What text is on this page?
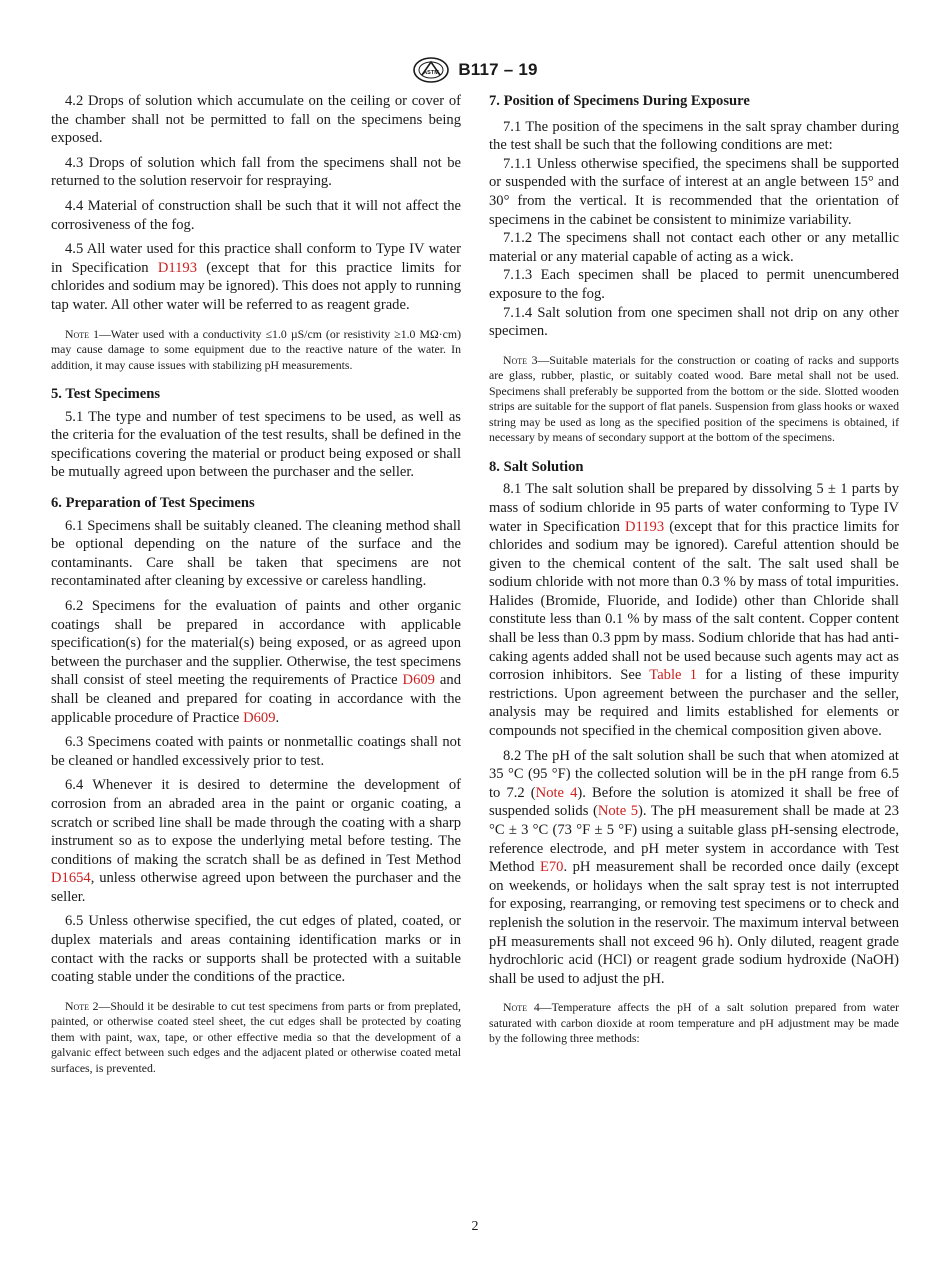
ASTM B117 – 19

4.2 Drops of solution which accumulate on the ceiling or cover of the chamber shall not be permitted to fall on the specimens being exposed.

4.3 Drops of solution which fall from the specimens shall not be returned to the solution reservoir for respraying.

4.4 Material of construction shall be such that it will not affect the corrosiveness of the fog.

4.5 All water used for this practice shall conform to Type IV water in Specification D1193 (except that for this practice limits for chlorides and sodium may be ignored). This does not apply to running tap water. All other water will be referred to as reagent grade.

Note 1—Water used with a conductivity ≤1.0 µS/cm (or resistivity ≥1.0 MΩ·cm) may cause damage to some equipment due to the reactive nature of the water. In addition, it may cause issues with stabilizing pH measurements.
5. Test Specimens

5.1 The type and number of test specimens to be used, as well as the criteria for the evaluation of the test results, shall be defined in the specifications covering the material or product being exposed or shall be mutually agreed upon between the purchaser and the seller.

6. Preparation of Test Specimens

6.1 Specimens shall be suitably cleaned. The cleaning method shall be optional depending on the nature of the surface and the contaminants. Care shall be taken that specimens are not recontaminated after cleaning by excessive or careless handling.

6.2 Specimens for the evaluation of paints and other organic coatings shall be prepared in accordance with applicable specification(s) for the material(s) being exposed, or as agreed upon between the purchaser and the supplier. Otherwise, the test specimens shall consist of steel meeting the requirements of Practice D609 and shall be cleaned and prepared for coating in accordance with the applicable procedure of Practice D609.

6.3 Specimens coated with paints or nonmetallic coatings shall not be cleaned or handled excessively prior to test.

6.4 Whenever it is desired to determine the development of corrosion from an abraded area in the paint or organic coating, a scratch or scribed line shall be made through the coating with a sharp instrument so as to expose the underlying metal before testing. The conditions of making the scratch shall be as defined in Test Method D1654, unless otherwise agreed upon between the purchaser and the seller.

6.5 Unless otherwise specified, the cut edges of plated, coated, or duplex materials and areas containing identification marks or in contact with the racks or supports shall be protected with a suitable coating stable under the conditions of the practice.

Note 2—Should it be desirable to cut test specimens from parts or from preplated, painted, or otherwise coated steel sheet, the cut edges shall be protected by coating them with paint, wax, tape, or other effective media so that the development of a galvanic effect between such edges and the adjacent plated or otherwise coated metal surfaces, is prevented.
7. Position of Specimens During Exposure

7.1 The position of the specimens in the salt spray chamber during the test shall be such that the following conditions are met:

7.1.1 Unless otherwise specified, the specimens shall be supported or suspended with the surface of interest at an angle between 15° and 30° from the vertical. It is recommended that the orientation of specimens in the cabinet be consistent to minimize variability.

7.1.2 The specimens shall not contact each other or any metallic material or any material capable of acting as a wick.

7.1.3 Each specimen shall be placed to permit unencumbered exposure to the fog.

7.1.4 Salt solution from one specimen shall not drip on any other specimen.

Note 3—Suitable materials for the construction or coating of racks and supports are glass, rubber, plastic, or suitably coated wood. Bare metal shall not be used. Specimens shall preferably be supported from the bottom or the side. Slotted wooden strips are suitable for the support of flat panels. Suspension from glass hooks or waxed string may be used as long as the specified position of the specimens is obtained, if necessary by means of secondary support at the bottom of the specimens.
8. Salt Solution

8.1 The salt solution shall be prepared by dissolving 5 ± 1 parts by mass of sodium chloride in 95 parts of water conforming to Type IV water in Specification D1193 (except that for this practice limits for chlorides and sodium may be ignored). Careful attention should be given to the chemical content of the salt. The salt used shall be sodium chloride with not more than 0.3 % by mass of total impurities. Halides (Bromide, Fluoride, and Iodide) other than Chloride shall constitute less than 0.1 % by mass of the salt content. Copper content shall be less than 0.3 ppm by mass. Sodium chloride that has had anti-caking agents added shall not be used because such agents may act as corrosion inhibitors. See Table 1 for a listing of these impurity restrictions. Upon agreement between the purchaser and the seller, analysis may be required and limits established for elements or compounds not specified in the chemical composition given above.

8.2 The pH of the salt solution shall be such that when atomized at 35 °C (95 °F) the collected solution will be in the pH range from 6.5 to 7.2 (Note 4). Before the solution is atomized it shall be free of suspended solids (Note 5). The pH measurement shall be made at 23 °C ± 3 °C (73 °F ± 5 °F) using a suitable glass pH-sensing electrode, reference electrode, and pH meter system in accordance with Test Method E70. pH measurement shall be recorded once daily (except on weekends, or holidays when the salt spray test is not interrupted for exposing, rearranging, or removing test specimens or to check and replenish the solution in the reservoir. The maximum interval between pH measurements shall not exceed 96 h). Only diluted, reagent grade hydrochloric acid (HCl) or reagent grade sodium hydroxide (NaOH) shall be used to adjust the pH.

Note 4—Temperature affects the pH of a salt solution prepared from water saturated with carbon dioxide at room temperature and pH adjustment may be made by the following three methods:
2
